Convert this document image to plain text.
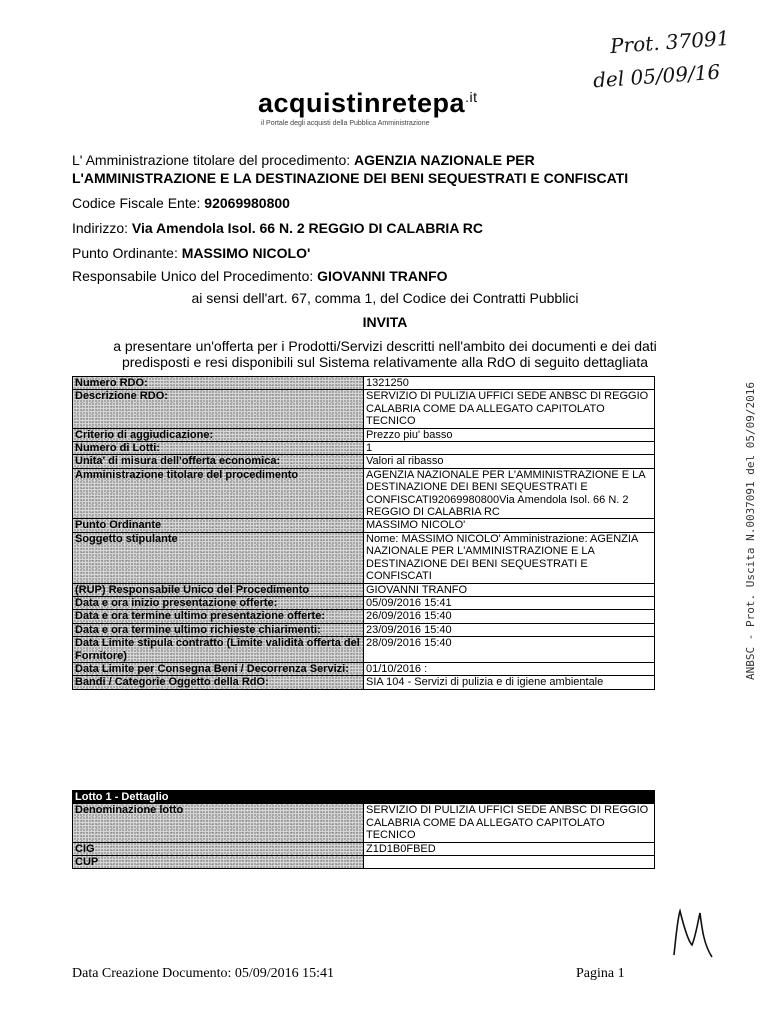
Prot. 37091
del 05/09/16
acquistinretepa$^{.it}$
il Portale degli acquisti della Pubblica Amministrazione
L' Amministrazione titolare del procedimento: AGENZIA NAZIONALE PER
L'AMMINISTRAZIONE E LA DESTINAZIONE DEI BENI SEQUESTRATI E CONFISCATI
Codice Fiscale Ente: 92069980800
Indirizzo: Via Amendola Isol. 66 N. 2 REGGIO DI CALABRIA RC
Punto Ordinante: MASSIMO NICOLO'
Responsabile Unico del Procedimento: GIOVANNI TRANFO
ai sensi dell'art. 67, comma 1, del Codice dei Contratti Pubblici
INVITA
a presentare un'offerta per i Prodotti/Servizi descritti nell'ambito dei documenti e dei dati
predisposti e resi disponibili sul Sistema relativamente alla RdO di seguito dettagliata
ANBSC - Prot. Uscita N.0037091 del 05/09/2016
Numero RDO:	1321250
Descrizione RDO:	SERVIZIO DI PULIZIA UFFICI SEDE ANBSC DI REGGIO CALABRIA COME DA ALLEGATO CAPITOLATO TECNICO
Criterio di aggiudicazione:	Prezzo piu' basso
Numero di Lotti:	1
Unita' di misura dell'offerta economica:	Valori al ribasso
Amministrazione titolare del procedimento	AGENZIA NAZIONALE PER L'AMMINISTRAZIONE E LA DESTINAZIONE DEI BENI SEQUESTRATI E CONFISCATI92069980800Via Amendola Isol. 66 N. 2 REGGIO DI CALABRIA RC
Punto Ordinante	MASSIMO NICOLO'
Soggetto stipulante	Nome: MASSIMO NICOLO' Amministrazione: AGENZIA NAZIONALE PER L'AMMINISTRAZIONE E LA DESTINAZIONE DEI BENI SEQUESTRATI E CONFISCATI
(RUP) Responsabile Unico del Procedimento	GIOVANNI TRANFO
Data e ora inizio presentazione offerte:	05/09/2016 15:41
Data e ora termine ultimo presentazione offerte:	26/09/2016 15:40
Data e ora termine ultimo richieste chiarimenti:	23/09/2016 15:40
Data Limite stipula contratto (Limite validità offerta del Fornitore)	28/09/2016 15:40
Data Limite per Consegna Beni / Decorrenza Servizi:	01/10/2016 :
Bandi / Categorie Oggetto della RdO:	SIA 104 - Servizi di pulizia e di igiene ambientale
Lotto 1 - Dettaglio	
Denominazione lotto	SERVIZIO DI PULIZIA UFFICI SEDE ANBSC DI REGGIO CALABRIA COME DA ALLEGATO CAPITOLATO TECNICO
CIG	Z1D1B0FBED
CUP	
Data Creazione Documento: 05/09/2016 15:41	Pagina 1
